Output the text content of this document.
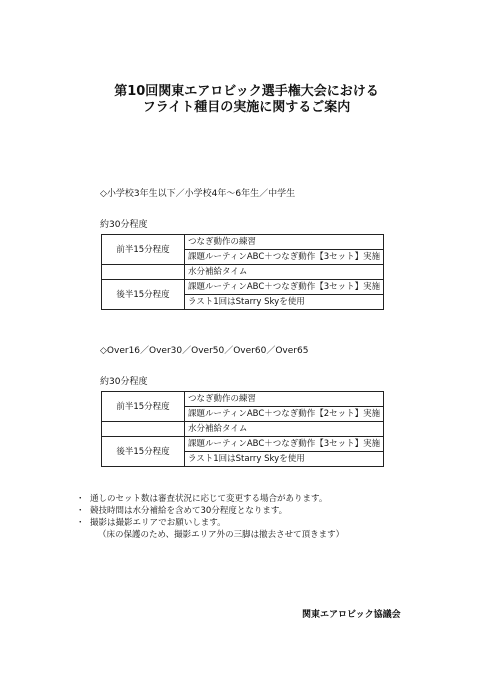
第10回関東エアロビック選手権大会における
フライト種目の実施に関するご案内
◇小学校3年生以下／小学校4年～6年生／中学生
約30分程度
前半15分程度	つなぎ動作の練習
	課題ルーティンABC＋つなぎ動作【3セット】実施
	水分補給タイム
後半15分程度	課題ルーティンABC＋つなぎ動作【3セット】実施
	ラスト1回はStarry Skyを使用
◇Over16／Over30／Over50／Over60／Over65
約30分程度
前半15分程度	つなぎ動作の練習
	課題ルーティンABC＋つなぎ動作【2セット】実施
	水分補給タイム
後半15分程度	課題ルーティンABC＋つなぎ動作【3セット】実施
	ラスト1回はStarry Skyを使用
・ 通しのセット数は審査状況に応じて変更する場合があります。
・ 競技時間は水分補給を含めて30分程度となります。
・ 撮影は撮影エリアでお願いします。
（床の保護のため、撮影エリア外の三脚は撤去させて頂きます）
関東エアロビック協議会
